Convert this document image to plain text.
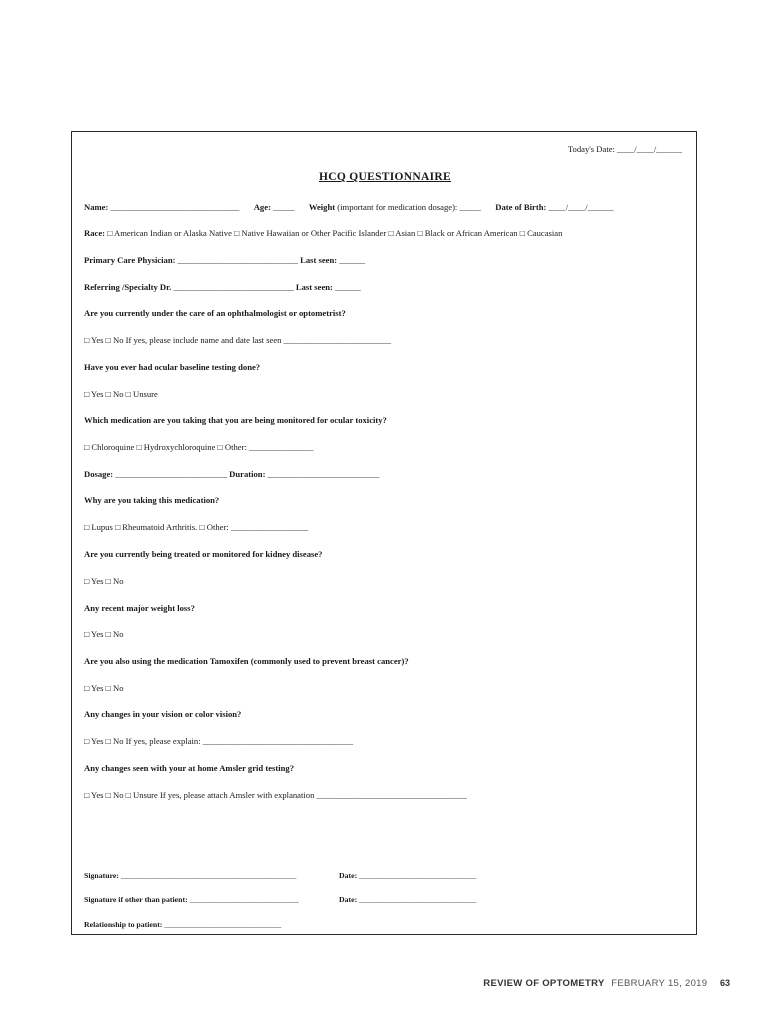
Today's Date: ____/____/______
HCQ QUESTIONNAIRE
Name: ______________________________ Age: _____ Weight (important for medication dosage): _____ Date of Birth: ____/____/______
Race: □ American Indian or Alaska Native □ Native Hawaiian or Other Pacific Islander □ Asian □ Black or African American □ Caucasian
Primary Care Physician: ____________________________ Last seen: ______
Referring /Specialty Dr. ____________________________ Last seen: ______
Are you currently under the care of an ophthalmologist or optometrist?
□ Yes □ No If yes, please include name and date last seen _________________________
Have you ever had ocular baseline testing done?
□ Yes □ No □ Unsure
Which medication are you taking that you are being monitored for ocular toxicity?
□ Chloroquine □ Hydroxychloroquine □ Other: _______________
Dosage: __________________________ Duration: __________________________
Why are you taking this medication?
□ Lupus □ Rheumatoid Arthritis. □ Other: __________________
Are you currently being treated or monitored for kidney disease?
□ Yes □ No
Any recent major weight loss?
□ Yes □ No
Are you also using the medication Tamoxifen (commonly used to prevent breast cancer)?
□ Yes □ No
Any changes in your vision or color vision?
□ Yes □ No If yes, please explain: ___________________________________
Any changes seen with your at home Amsler grid testing?
□ Yes □ No □ Unsure If yes, please attach Amsler with explanation ___________________________________
Signature: _____________________________________________	Date: ______________________________
Signature if other than patient: ____________________________	Date: ______________________________
Relationship to patient: ______________________________
REVIEW OF OPTOMETRY FEBRUARY 15, 2019 63
